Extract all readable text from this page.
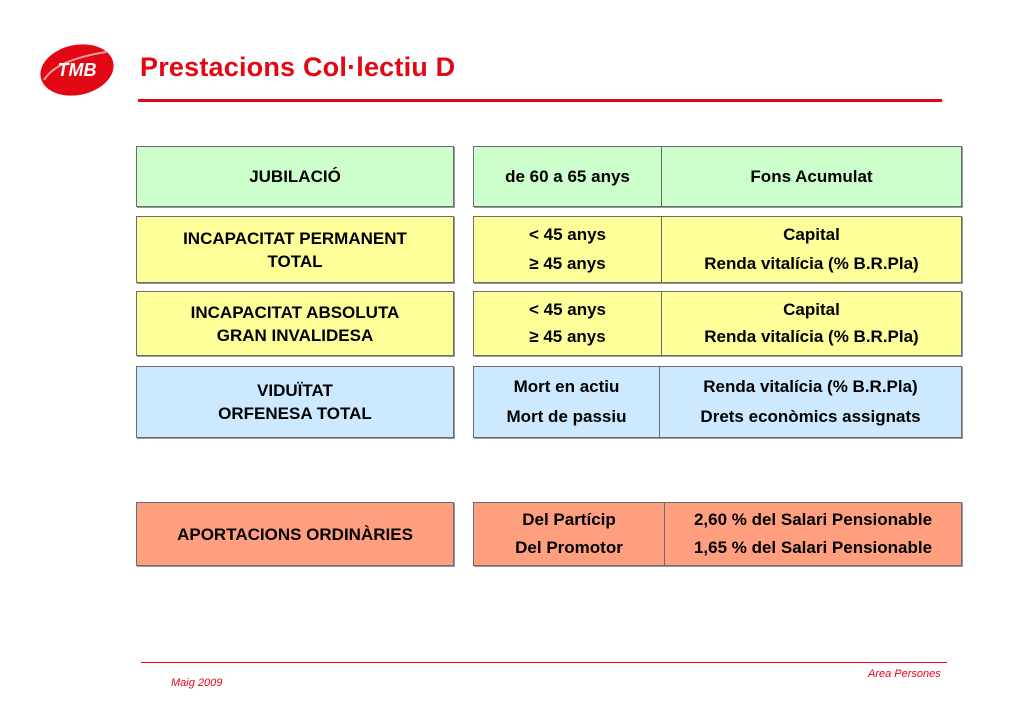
TMB Prestacions Col·lectiu D
JUBILACIÓ	de 60 a 65 anys	Fons Acumulat
INCAPACITAT PERMANENT
TOTAL
< 45 anys
≥ 45 anys
Capital
Renda vitalícia (% B.R.Pla)
INCAPACITAT ABSOLUTA
GRAN INVALIDESA
< 45 anys
≥ 45 anys
Capital
Renda vitalícia (% B.R.Pla)
VIDUÏTAT
ORFENESA TOTAL
Mort en actiu
Mort de passiu
Renda vitalícia (% B.R.Pla)
Drets econòmics assignats
APORTACIONS ORDINÀRIES
Del Partícip
Del Promotor
2,60 % del Salari Pensionable
1,65 % del Salari Pensionable
Maig 2009
Area Persones
